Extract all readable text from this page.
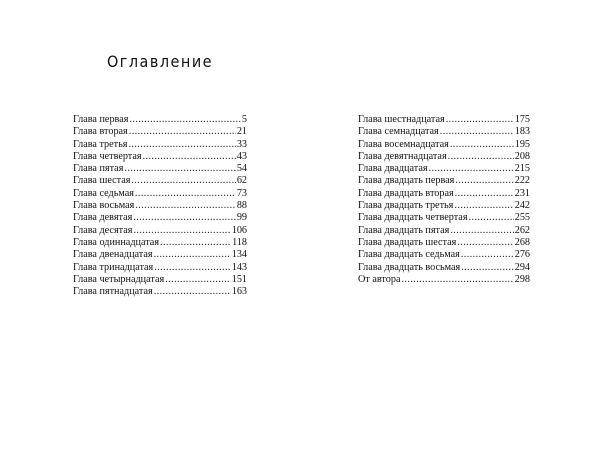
Оглавление
Глава первая .....	5
Глава вторая .....	21
Глава третья .....	33
Глава четвертая .....	43
Глава пятая .....	54
Глава шестая .....	62
Глава седьмая .....	73
Глава восьмая .....	88
Глава девятая .....	99
Глава десятая .....	106
Глава одиннадцатая .....	118
Глава двенадцатая .....	134
Глава тринадцатая .....	143
Глава четырнадцатая .....	151
Глава пятнадцатая .....	163
Глава шестнадцатая .....	175
Глава семнадцатая .....	183
Глава восемнадцатая .....	195
Глава девятнадцатая .....	208
Глава двадцатая .....	215
Глава двадцать первая .....	222
Глава двадцать вторая .....	231
Глава двадцать третья .....	242
Глава двадцать четвертая .....	255
Глава двадцать пятая .....	262
Глава двадцать шестая .....	268
Глава двадцать седьмая .....	276
Глава двадцать восьмая .....	294
От автора .....	298
